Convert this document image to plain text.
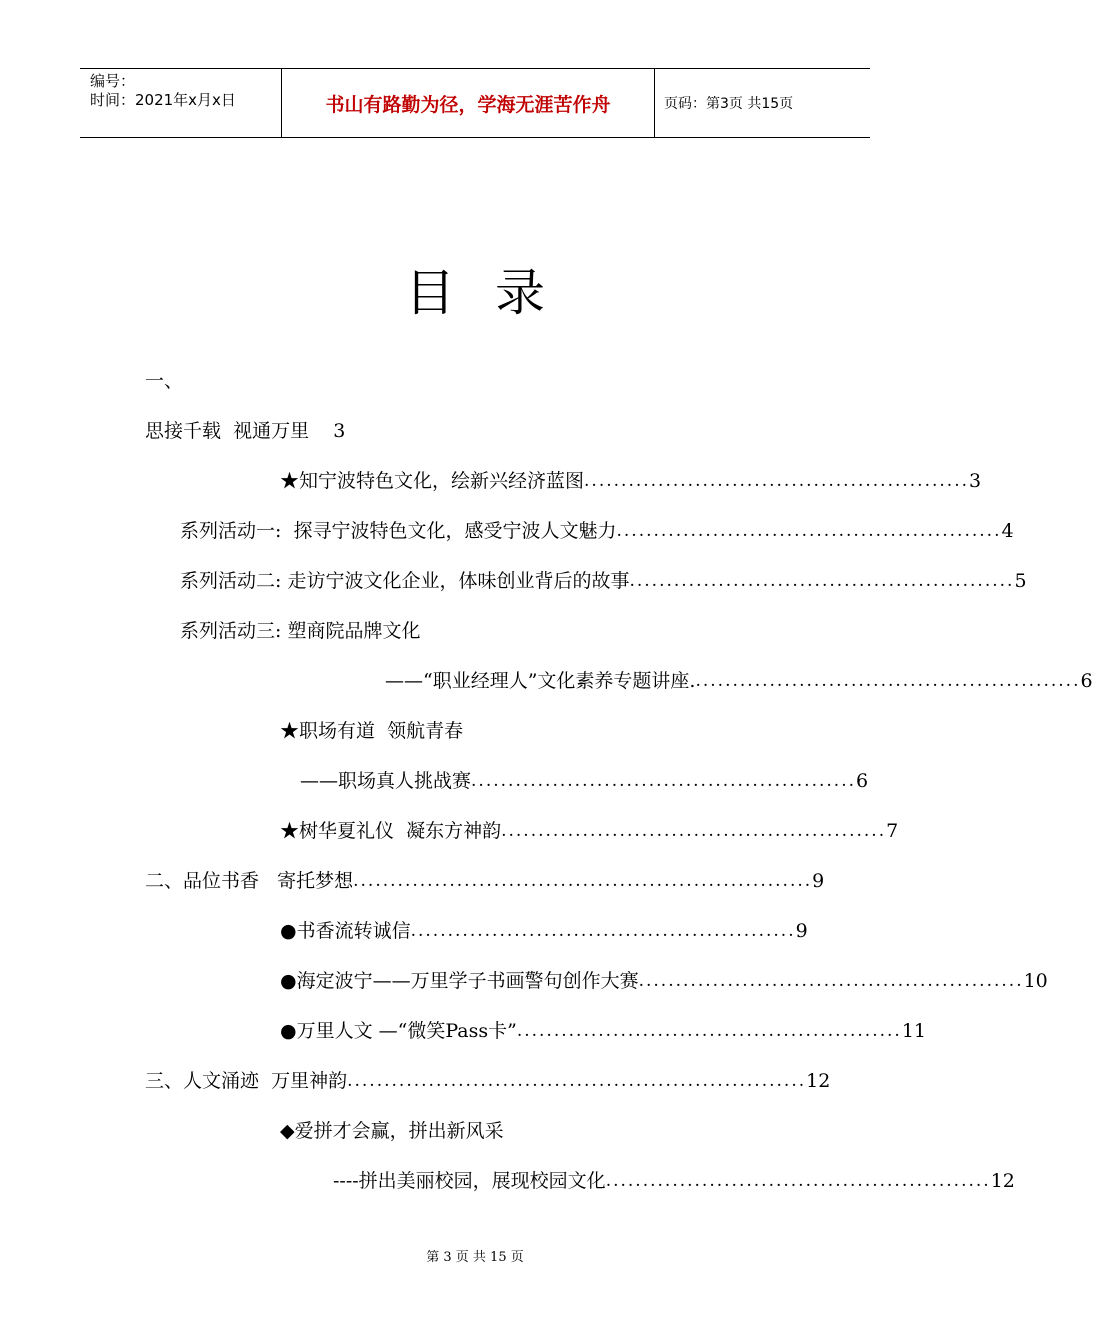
编号：
时间：2021年x月x日	书山有路勤为径，学海无涯苦作舟	页码：第3页 共15页
目录
一、
思接千载  视通万里    3
★知宁波特色文化，绘新兴经济蓝图 .................................................... 3
系列活动一:  探寻宁波特色文化，感受宁波人文魅力 .................................................... 4
系列活动二: 走访宁波文化企业，体味创业背后的故事 .................................................... 5
系列活动三: 塑商院品牌文化
——“职业经理人”文化素养专题讲座. .................................................... 6
★职场有道  领航青春
——职场真人挑战赛 .................................................... 6
★树华夏礼仪  凝东方神韵 .................................................... 7
二、品位书香   寄托梦想 .............................................................. 9
●书香流转诚信 .................................................... 9
●海定波宁——万里学子书画警句创作大赛 .................................................... 10
●万里人文 —“微笑Pass卡” .................................................... 11
三、人文涌迹  万里神韵 .............................................................. 12
◆爱拼才会赢，拼出新风采
----拼出美丽校园，展现校园文化 .................................................... 12
第 3 页 共 15 页
